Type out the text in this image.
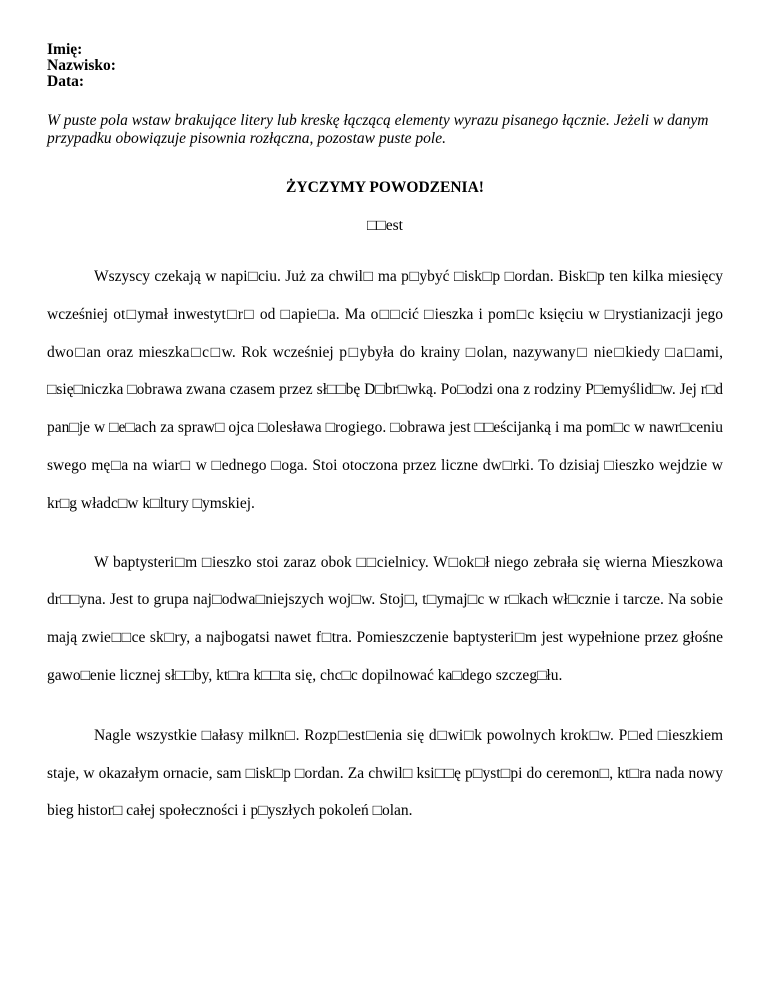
Imię:
Nazwisko:
Data:
W puste pola wstaw brakujące litery lub kreskę łączącą elementy wyrazu pisanego łącznie. Jeżeli w danym przypadku obowiązuje pisownia rozłączna, pozostaw puste pole.
ŻYCZYMY POWODZENIA!
□□est

Wszyscy czekają w napi□ciu. Już za chwil□ ma p□ybyć □isk□p □ordan. Bisk□p ten kilka miesięcy wcześniej ot□ymał inwestyt□r□ od □apie□a. Ma o□□cić □ieszka i pom□c księciu w □rystianizacji jego dwo□an oraz mieszka□c□w. Rok wcześniej p□ybyła do krainy □olan, nazywany□ nie□kiedy □a□ami, □się□niczka □obrawa zwana czasem przez sł□□bę D□br□wką. Po□odzi ona z rodziny P□emyślid□w. Jej r□d pan□je w □e□ach za spraw□ ojca □olesława □rogiego. □obrawa jest □□eścijanką i ma pom□c w nawr□ceniu swego mę□a na wiar□ w □ednego □oga. Stoi otoczona przez liczne dw□rki. To dzisiaj □ieszko wejdzie w kr□g władc□w k□ltury □ymskiej.

W baptysteri□m □ieszko stoi zaraz obok □□cielnicy. W□ok□ł niego zebrała się wierna Mieszkowa dr□□yna. Jest to grupa naj□odwa□niejszych woj□w. Stoj□, t□ymaj□c w r□kach wł□cznie i tarcze. Na sobie mają zwie□□ce sk□ry, a najbogatsi nawet f□tra. Pomieszczenie baptysteri□m jest wypełnione przez głośne gawo□enie licznej sł□□by, kt□ra k□□ta się, chc□c dopilnować ka□dego szczeg□łu.

Nagle wszystkie □ałasy milkn□. Rozp□est□enia się d□wi□k powolnych krok□w. P□ed □ieszkiem staje, w okazałym ornacie, sam □isk□p □ordan. Za chwil□ ksi□□ę p□yst□pi do ceremon□, kt□ra nada nowy bieg histor□ całej społeczności i p□yszłych pokoleń □olan.
